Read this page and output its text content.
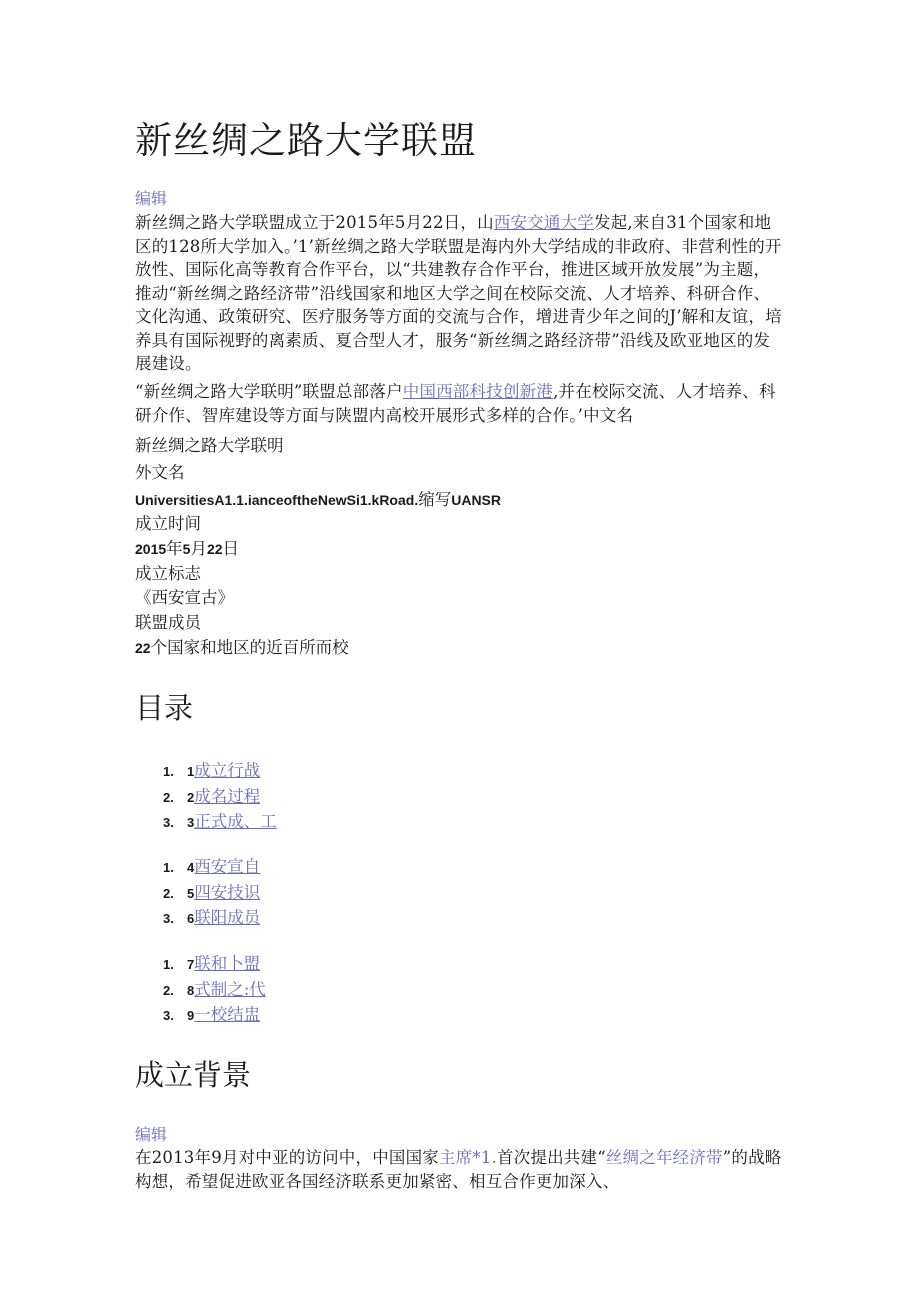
新丝绸之路大学联盟
编辑

新丝绸之路大学联盟成立于2015年5月22日，山西安交通大学发起,来自31个国家和地区的128所大学加入。’1’新丝绸之路大学联盟是海内外大学结成的非政府、非营利性的开放性、国际化高等教育合作平台，以“共建教存合作平台，推进区域开放发展”为主题，推动“新丝绸之路经济带”沿线国家和地区大学之间在校际交流、人才培养、科研合作、文化沟通、政策研究、医疗服务等方面的交流与合作，增进青少年之间的J’解和友谊，培养具有国际视野的离素质、夏合型人才，服务“新丝绸之路经济带”沿线及欧亚地区的发展建设。

“新丝绸之路大学联明”联盟总部落户中国西部科技创新港,并在校际交流、人才培养、科研介作、智库建设等方面与陕盟内高校开展形式多样的合作。’中文名

新丝绸之路大学联明
外文名
UniversitiesA1.1.ianceoftheNewSi1.kRoad.缩写UANSR
成立时间
2015年5月22日
成立标志
《西安宣古》
联盟成员
22个国家和地区的近百所而校
目录
1. 1成立行战
2. 2成名过程
3. 3正式成、工
1. 4西安宣自
2. 5四安技识
3. 6联阳成员
1. 7联和卜盟
2. 8式制之:代
3. 9一校结盅
成立背景
编辑

在2013年9月对中亚的访问中，中国国家主席*1.首次提出共建“丝绸之年经济带”的战略构想，希望促进欧亚各国经济联系更加紧密、相互合作更加深入、
